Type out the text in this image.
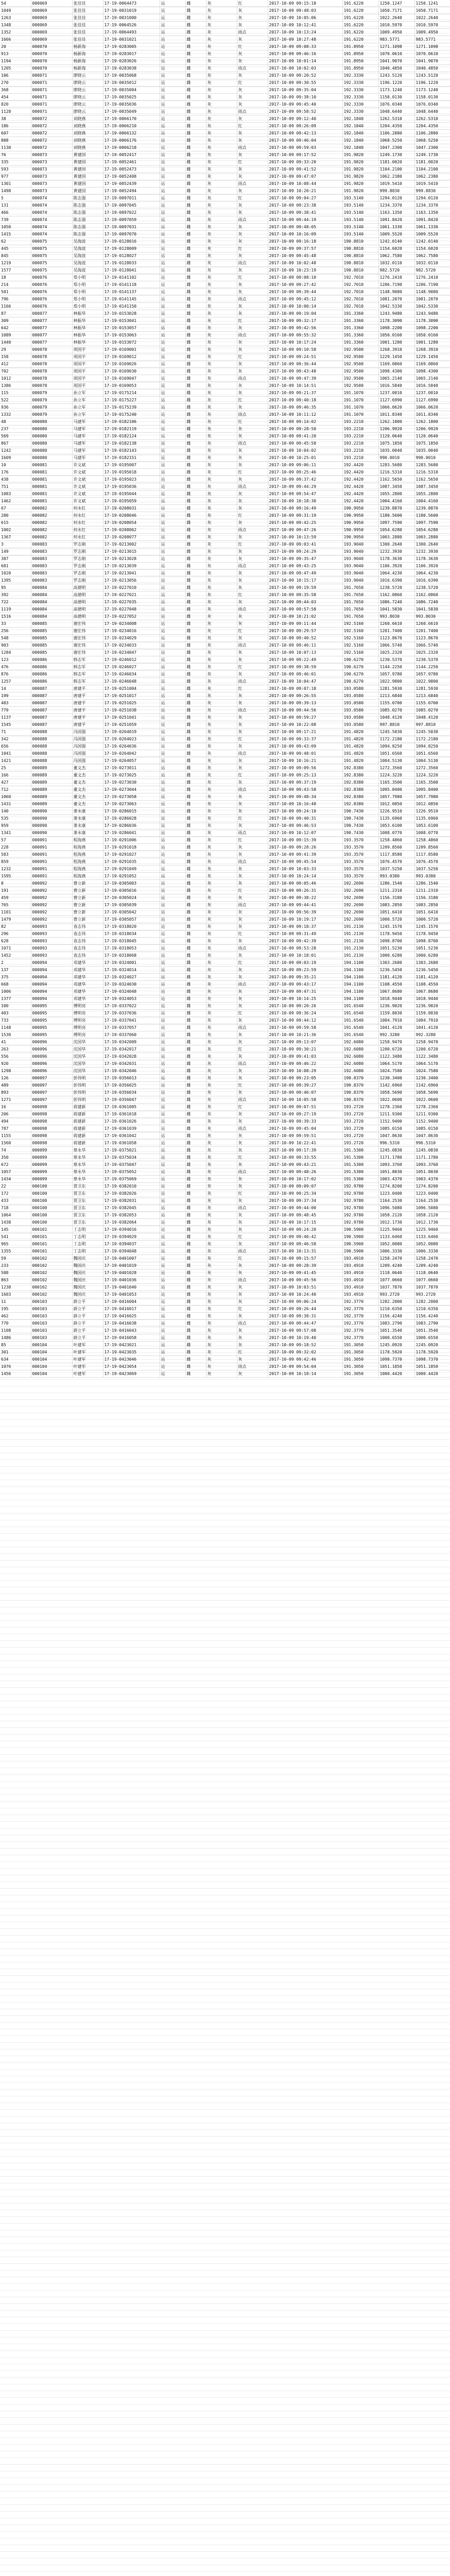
54	000069	张佳佳	17-19-0064473	运	雌	灰	红	2017-10-09 09:15:18	191.6220	1250.1247	1250.1241
1049	000069	张佳佳	17-19-0031019	运	雌	灰	灰	2017-10-09 09:48:03	191.6220	1050.7171	1050.7171
1263	000069	张佳佳	17-19-0031000	运	雌	灰	灰	2017-10-09 10:05:06	191.6220	1022.2640	1022.2640
1348	000069	张佳佳	17-19-0064526	运	雌	灰	灰	2017-10-09 10:12:41	191.6220	1010.5970	1010.5970
1352	000069	张佳佳	17-19-0064493	运	雌	灰	雨点	2017-10-09 10:13:24	191.6220	1009.4950	1009.4950
1666	000069	张佳佳	17-19-0031021	运	雌	灰	灰	2017-10-09 10:27:48	191.6220	983.5771	983.5771
20	000070	杨新海	17-19-0283005	运	雌	灰	红	2017-10-09 09:08:33	191.8950	1271.1098	1271.1098
913	000070	杨新海	17-19-0283017	运	雌	灰	灰	2017-10-09 09:46:16	191.8950	1070.0610	1070.0610
1194	000070	杨新海	17-19-0283026	运	雌	灰	灰	2017-10-09 10:01:14	191.8950	1041.9070	1041.9070
1205	000070	杨新海	17-19-0283038	运	雌	灰	雨点	2017-10-09 10:02:03	191.8950	1040.4850	1040.4850
106	000071	廖晓云	17-19-0035068	运	雌	灰	灰	2017-10-09 09:20:52	192.3330	1243.5120	1243.5120
270	000071	廖晓云	17-19-0035012	运	雌	灰	红	2017-10-09 09:30:55	192.3330	1196.1220	1196.1220
368	000071	廖晓云	17-19-0035004	运	雌	灰	灰	2017-10-09 09:35:04	192.3330	1173.1240	1173.1240
454	000071	廖晓云	17-19-0035025	运	雌	灰	灰	2017-10-09 09:38:10	192.3330	1158.0130	1158.0130
820	000071	廖晓云	17-19-0035036	运	雌	灰	灰	2017-10-09 09:45:40	192.3330	1076.0340	1076.0340
1128	000071	廖晓云	17-19-0035049	运	雌	灰	雨点	2017-10-09 09:58:52	192.3330	1048.6440	1048.6440
38	000072	刘晓燕	17-19-0066170	运	雌	灰	灰	2017-10-09 09:12:40	192.1840	1262.5310	1262.5310
186	000072	刘晓燕	17-19-0066210	运	雌	灰	红	2017-10-09 09:26:09	192.1840	1204.4350	1204.4350
607	000072	刘晓燕	17-19-0066132	运	雌	灰	灰	2017-10-09 09:42:13	192.1840	1106.2880	1106.2880
888	000072	刘晓燕	17-19-0066176	运	雌	灰	灰	2017-10-09 09:46:04	192.1840	1068.5250	1068.5250
1130	000072	刘晓燕	17-19-0066218	运	雌	灰	雨点	2017-10-09 09:59:03	192.1840	1047.2300	1047.2300
76	000073	黄建国	17-19-0052417	运	雌	灰	灰	2017-10-09 09:17:52	191.9820	1249.1730	1249.1730
335	000073	黄建国	17-19-0052461	运	雌	灰	红	2017-10-09 09:33:20	191.9820	1181.0020	1181.0020
593	000073	黄建国	17-19-0052473	运	雌	灰	灰	2017-10-09 09:41:52	191.9820	1104.2100	1104.2100
977	000073	黄建国	17-19-0052408	运	雌	灰	灰	2017-10-09 09:47:07	191.9820	1062.2380	1062.2380
1301	000073	黄建国	17-19-0052439	运	雌	灰	雨点	2017-10-09 10:08:44	191.9820	1019.5410	1019.5410
1498	000073	黄建国	17-19-0052494	运	雌	灰	灰	2017-10-09 10:20:21	191.9820	999.8830	999.8830
5	000074	陈志强	17-19-0097011	运	雌	灰	红	2017-10-09 09:04:27	193.5140	1294.0120	1294.0120
131	000074	陈志强	17-19-0097045	运	雌	灰	灰	2017-10-09 09:23:38	193.5140	1234.3370	1234.3370
466	000074	陈志强	17-19-0097022	运	雌	灰	灰	2017-10-09 09:38:41	193.5140	1163.1350	1163.1350
739	000074	陈志强	17-19-0097059	运	雌	灰	雨点	2017-10-09 09:44:19	193.5140	1091.8420	1091.8420
1050	000074	陈志强	17-19-0097031	运	雌	灰	灰	2017-10-09 09:48:05	193.5140	1061.1330	1061.1330
1415	000074	陈志强	17-19-0097070	运	雌	灰	灰	2017-10-09 10:16:09	193.5140	1009.5520	1009.5520
62	000075	吴海波	17-19-0128016	运	雌	灰	灰	2017-10-09 09:16:18	190.8810	1242.0140	1242.0140
445	000075	吴海波	17-19-0128009	运	雌	灰	红	2017-10-09 09:37:57	190.8810	1154.6020	1154.6020
845	000075	吴海波	17-19-0128027	运	雌	灰	灰	2017-10-09 09:45:48	190.8810	1062.7580	1062.7580
1219	000075	吴海波	17-19-0128033	运	雌	灰	雨点	2017-10-09 10:02:48	190.8810	1032.0110	1032.0110
1577	000075	吴海波	17-19-0128041	运	雌	灰	灰	2017-10-09 10:23:19	190.8810	982.5720	982.5720
18	000076	郑小明	17-19-0141102	运	雌	灰	红	2017-10-09 09:08:10	192.7010	1276.2410	1276.2410
214	000076	郑小明	17-19-0141118	运	雌	灰	灰	2017-10-09 09:27:42	192.7010	1206.7190	1206.7190
501	000076	郑小明	17-19-0141137	运	雌	灰	灰	2017-10-09 09:39:44	192.7010	1148.9080	1148.9080
796	000076	郑小明	17-19-0141145	运	雌	灰	雨点	2017-10-09 09:45:12	192.7010	1081.2070	1081.2070
1166	000076	郑小明	17-19-0141150	运	雌	灰	灰	2017-10-09 10:00:14	192.7010	1042.5330	1042.5330
87	000077	林振华	17-19-0153028	运	雌	灰	灰	2017-10-09 09:19:04	191.3360	1243.9480	1243.9480
309	000077	林振华	17-19-0153041	运	雌	灰	红	2017-10-09 09:32:17	191.3360	1178.3090	1178.3090
642	000077	林振华	17-19-0153057	运	雌	灰	灰	2017-10-09 09:42:56	191.3360	1098.2200	1098.2200
1089	000077	林振华	17-19-0153063	运	雌	灰	雨点	2017-10-09 09:55:32	191.3360	1050.0160	1050.0160
1440	000077	林振华	17-19-0153072	运	雌	灰	灰	2017-10-09 10:17:24	191.3360	1001.1280	1001.1280
29	000078	周国平	17-19-0169001	运	雌	灰	灰	2017-10-09 09:10:58	192.9500	1268.3910	1268.3910
158	000078	周国平	17-19-0169012	运	雌	灰	红	2017-10-09 09:24:51	192.9500	1229.1450	1229.1450
412	000078	周国平	17-19-0169026	运	雌	灰	灰	2017-10-09 09:36:44	192.9500	1169.0860	1169.0860
702	000078	周国平	17-19-0169030	运	雌	灰	灰	2017-10-09 09:43:48	192.9500	1098.4300	1098.4300
1012	000078	周国平	17-19-0169047	运	雌	灰	雨点	2017-10-09 09:47:39	192.9500	1065.2140	1065.2140
1386	000078	周国平	17-19-0169053	运	雌	灰	灰	2017-10-09 10:14:51	192.9500	1016.5840	1016.5840
115	000079	孙立军	17-19-0175214	运	雌	灰	灰	2017-10-09 09:21:37	191.1070	1237.0010	1237.0010
522	000079	孙立军	17-19-0175227	运	雌	灰	红	2017-10-09 09:40:18	191.1070	1127.6990	1127.6990
936	000079	孙立军	17-19-0175239	运	雌	灰	灰	2017-10-09 09:46:35	191.1070	1066.0620	1066.0620
1332	000079	孙立军	17-19-0175240	运	雌	灰	雨点	2017-10-09 10:11:12	191.1070	1011.8340	1011.8340
48	000080	马建军	17-19-0182106	运	雌	灰	红	2017-10-09 09:14:02	193.2210	1262.1800	1262.1800
237	000080	马建军	17-19-0182119	运	雌	灰	灰	2017-10-09 09:28:50	193.2210	1206.9920	1206.9920
569	000080	马建军	17-19-0182124	运	雌	灰	灰	2017-10-09 09:41:20	193.2210	1120.0640	1120.0640
867	000080	马建军	17-19-0182138	运	雌	灰	雨点	2017-10-09 09:45:58	193.2210	1075.1850	1075.1850
1242	000080	马建军	17-19-0182143	运	雌	灰	灰	2017-10-09 10:04:02	193.2210	1035.0040	1035.0040
1609	000080	马建军	17-19-0182151	运	雌	灰	灰	2017-10-09 10:25:01	193.2210	990.0010	990.0010
10	000081	许文斌	17-19-0195007	运	雌	灰	灰	2017-10-09 09:06:11	192.4420	1283.5680	1283.5680
176	000081	许文斌	17-19-0195018	运	雌	灰	红	2017-10-09 09:25:46	192.4420	1216.5310	1216.5310
438	000081	许文斌	17-19-0195023	运	雌	灰	灰	2017-10-09 09:37:42	192.4420	1162.5650	1162.5650
751	000081	许文斌	17-19-0195036	运	雌	灰	雨点	2017-10-09 09:44:29	192.4420	1087.3450	1087.3450
1083	000081	许文斌	17-19-0195044	运	雌	灰	灰	2017-10-09 09:54:47	192.4420	1055.2800	1055.2800
1462	000081	许文斌	17-19-0195059	运	雌	灰	灰	2017-10-09 10:18:30	192.4420	1004.4160	1004.4160
67	000082	何永红	17-19-0208031	运	雌	灰	灰	2017-10-09 09:16:49	190.9950	1239.8870	1239.8870
280	000082	何永红	17-19-0208046	运	雌	灰	红	2017-10-09 09:31:19	190.9950	1180.5600	1180.5600
615	000082	何永红	17-19-0208054	运	雌	灰	灰	2017-10-09 09:42:25	190.9950	1097.7590	1097.7590
1002	000082	何永红	17-19-0208062	运	雌	灰	雨点	2017-10-09 09:47:26	190.9950	1054.6280	1054.6280
1367	000082	何永红	17-19-0208077	运	雌	灰	灰	2017-10-09 10:13:59	190.9950	1003.2880	1003.2880
3	000083	罗志刚	17-19-0213002	运	雌	灰	红	2017-10-09 09:03:41	193.9040	1300.2640	1300.2640
149	000083	罗志刚	17-19-0213015	运	雌	灰	灰	2017-10-09 09:24:29	193.9040	1232.3930	1232.3930
387	000083	罗志刚	17-19-0213028	运	雌	灰	灰	2017-10-09 09:35:47	193.9040	1178.3630	1178.3630
681	000083	罗志刚	17-19-0213039	运	雌	灰	雨点	2017-10-09 09:43:25	193.9040	1106.3920	1106.3920
1020	000083	罗志刚	17-19-0213041	运	雌	灰	灰	2017-10-09 09:47:49	193.9040	1064.4230	1064.4230
1395	000083	罗志刚	17-19-0213056	运	雌	灰	灰	2017-10-09 10:15:17	193.9040	1016.6390	1016.6390
95	000084	高德明	17-19-0227010	运	雌	灰	灰	2017-10-09 09:19:59	191.7650	1238.5720	1238.5720
392	000084	高德明	17-19-0227021	运	雌	灰	红	2017-10-09 09:35:58	191.7650	1162.0860	1162.0860
722	000084	高德明	17-19-0227035	运	雌	灰	灰	2017-10-09 09:44:03	191.7650	1086.7240	1086.7240
1119	000084	高德明	17-19-0227048	运	雌	灰	雨点	2017-10-09 09:57:58	191.7650	1041.5830	1041.5830
1516	000084	高德明	17-19-0227052	运	雌	灰	灰	2017-10-09 10:21:02	191.7650	993.8030	993.8030
33	000085	谢宏伟	17-19-0234008	运	雌	灰	灰	2017-10-09 09:11:44	192.5160	1260.6610	1260.6610
256	000085	谢宏伟	17-19-0234016	运	雌	灰	红	2017-10-09 09:29:57	192.5160	1201.7400	1201.7400
548	000085	谢宏伟	17-19-0234029	运	雌	灰	灰	2017-10-09 09:40:52	192.5160	1123.8670	1123.8670
903	000085	谢宏伟	17-19-0234033	运	雌	灰	雨点	2017-10-09 09:46:11	192.5160	1066.5740	1066.5740
1284	000085	谢宏伟	17-19-0234047	运	雌	灰	灰	2017-10-09 10:07:13	192.5160	1025.2320	1025.2320
123	000086	韩志军	17-19-0246012	运	雌	灰	灰	2017-10-09 09:22:49	190.6270	1230.5370	1230.5370
476	000086	韩志军	17-19-0246027	运	雌	灰	红	2017-10-09 09:38:59	190.6270	1144.2250	1144.2250
876	000086	韩志军	17-19-0246034	运	雌	灰	灰	2017-10-09 09:46:01	190.6270	1057.9780	1057.9780
1257	000086	韩志军	17-19-0246048	运	雌	灰	雨点	2017-10-09 10:04:47	190.6270	1022.9800	1022.9800
14	000087	唐建平	17-19-0251004	运	雌	灰	红	2017-10-09 09:07:18	193.0580	1281.5930	1281.5930
199	000087	唐建平	17-19-0251017	运	雌	灰	灰	2017-10-09 09:26:55	193.0580	1213.6840	1213.6840
483	000087	唐建平	17-19-0251025	运	雌	灰	灰	2017-10-09 09:39:13	193.0580	1155.0700	1155.0700
779	000087	唐建平	17-19-0251038	运	雌	灰	雨点	2017-10-09 09:44:56	193.0580	1085.0270	1085.0270
1137	000087	唐建平	17-19-0251041	运	雌	灰	灰	2017-10-09 09:59:27	193.0580	1048.4120	1048.4120
1545	000087	唐建平	17-19-0251059	运	雌	灰	灰	2017-10-09 10:22:08	193.0580	997.8810	997.8810
71	000088	冯国强	17-19-0264019	运	雌	灰	灰	2017-10-09 09:17:21	191.4820	1245.5030	1245.5030
342	000088	冯国强	17-19-0264023	运	雌	灰	红	2017-10-09 09:33:37	191.4820	1172.2180	1172.2180
656	000088	冯国强	17-19-0264036	运	雌	灰	灰	2017-10-09 09:43:09	191.4820	1094.8250	1094.8250
1041	000088	冯国强	17-19-0264042	运	雌	灰	雨点	2017-10-09 09:48:01	191.4820	1051.6560	1051.6560
1421	000088	冯国强	17-19-0264057	运	雌	灰	灰	2017-10-09 10:16:21	191.4820	1004.5130	1004.5130
25	000089	董文杰	17-19-0273011	运	雌	灰	灰	2017-10-09 09:09:56	192.8380	1272.3560	1272.3560
166	000089	董文杰	17-19-0273025	运	雌	灰	红	2017-10-09 09:25:13	192.8380	1224.3220	1224.3220
427	000089	董文杰	17-19-0273030	运	雌	灰	灰	2017-10-09 09:37:19	192.8380	1165.3500	1165.3500
712	000089	董文杰	17-19-0273044	运	雌	灰	雨点	2017-10-09 09:43:58	192.8380	1095.8400	1095.8400
1060	000089	董文杰	17-19-0273058	运	雌	灰	灰	2017-10-09 09:48:34	192.8380	1057.7980	1057.7980
1431	000089	董文杰	17-19-0273063	运	雌	灰	灰	2017-10-09 10:16:48	192.8380	1012.0850	1012.0850
140	000090	萧永康	17-19-0286015	运	雌	灰	灰	2017-10-09 09:24:10	190.7430	1226.9510	1226.9510
535	000090	萧永康	17-19-0286028	运	雌	灰	红	2017-10-09 09:40:31	190.7430	1135.6960	1135.6960
959	000090	萧永康	17-19-0286036	运	雌	灰	灰	2017-10-09 09:46:53	190.7430	1053.6100	1053.6100
1341	000090	萧永康	17-19-0286041	运	雌	灰	雨点	2017-10-09 10:12:07	190.7430	1008.0770	1008.0770
57	000091	程海燕	17-19-0291006	运	雌	灰	红	2017-10-09 09:15:39	193.3570	1258.4860	1258.4860
228	000091	程海燕	17-19-0291018	运	雌	灰	灰	2017-10-09 09:28:26	193.3570	1209.8560	1209.8560
583	000091	程海燕	17-19-0291027	运	雌	灰	灰	2017-10-09 09:41:39	193.3570	1117.8580	1117.8580
859	000091	程海燕	17-19-0291035	运	雌	灰	雨点	2017-10-09 09:45:54	193.3570	1076.4570	1076.4570
1232	000091	程海燕	17-19-0291049	运	雌	灰	灰	2017-10-09 10:03:33	193.3570	1037.5250	1037.5250
1595	000091	程海燕	17-19-0291052	运	雌	灰	灰	2017-10-09 10:24:14	193.3570	993.0380	993.0380
8	000092	曹立新	17-19-0305003	运	雌	灰	灰	2017-10-09 09:05:46	192.2690	1286.1540	1286.1540
191	000092	曹立新	17-19-0305016	运	雌	灰	红	2017-10-09 09:26:31	192.2690	1211.2310	1211.2310
459	000092	曹立新	17-19-0305024	运	雌	灰	灰	2017-10-09 09:38:22	192.2690	1156.3180	1156.3180
765	000092	曹立新	17-19-0305039	运	雌	灰	雨点	2017-10-09 09:44:41	192.2690	1083.2850	1083.2850
1101	000092	曹立新	17-19-0305042	运	雌	灰	灰	2017-10-09 09:56:39	192.2690	1051.6410	1051.6410
1479	000092	曹立新	17-19-0305057	运	雌	灰	灰	2017-10-09 10:19:17	192.2690	1000.5720	1000.5720
82	000093	袁志伟	17-19-0318020	运	雌	灰	灰	2017-10-09 09:18:37	191.2130	1245.1570	1245.1570
296	000093	袁志伟	17-19-0318034	运	雌	灰	红	2017-10-09 09:31:49	191.2130	1178.9450	1178.9450
628	000093	袁志伟	17-19-0318045	运	雌	灰	灰	2017-10-09 09:42:39	191.2130	1098.8700	1098.8700
1071	000093	袁志伟	17-19-0318053	运	雌	灰	雨点	2017-10-09 09:53:28	191.2130	1051.5230	1051.5230
1452	000093	袁志伟	17-19-0318068	运	雌	灰	灰	2017-10-09 10:18:01	191.2130	1000.6280	1000.6280
2	000094	邓建华	17-19-0324001	运	雌	灰	红	2017-10-09 09:03:19	194.1100	1303.2680	1303.2680
137	000094	邓建华	17-19-0324014	运	雌	灰	灰	2017-10-09 09:23:59	194.1100	1236.5450	1236.5450
375	000094	邓建华	17-19-0324027	运	雌	灰	灰	2017-10-09 09:35:21	194.1100	1181.4120	1181.4120
668	000094	邓建华	17-19-0324030	运	雌	灰	雨点	2017-10-09 09:43:17	194.1100	1108.4550	1108.4550
1006	000094	邓建华	17-19-0324048	运	雌	灰	灰	2017-10-09 09:47:31	194.1100	1067.8680	1067.8680
1377	000094	邓建华	17-19-0324053	运	雌	灰	灰	2017-10-09 10:14:25	194.1100	1018.9440	1018.9440
100	000095	傅明亮	17-19-0337022	运	雌	灰	灰	2017-10-09 09:20:26	191.6540	1236.9020	1236.9020
403	000095	傅明亮	17-19-0337036	运	雌	灰	红	2017-10-09 09:36:24	191.6540	1159.8030	1159.8030
733	000095	傅明亮	17-19-0337041	运	雌	灰	灰	2017-10-09 09:44:12	191.6540	1084.7910	1084.7910
1148	000095	傅明亮	17-19-0337057	运	雌	灰	雨点	2017-10-09 09:59:58	191.6540	1041.4120	1041.4120
1530	000095	傅明亮	17-19-0337060	运	雌	灰	灰	2017-10-09 10:21:36	191.6540	992.3280	992.3280
41	000096	沈国华	17-19-0342009	运	雌	灰	灰	2017-10-09 09:13:07	192.6080	1258.9470	1258.9470
263	000096	沈国华	17-19-0342017	运	雌	灰	红	2017-10-09 09:30:21	192.6080	1200.6720	1200.6720
556	000096	沈国华	17-19-0342028	运	雌	灰	灰	2017-10-09 09:41:03	192.6080	1122.3480	1122.3480
920	000096	沈国华	17-19-0342031	运	雌	灰	雨点	2017-10-09 09:46:22	192.6080	1064.5170	1064.5170
1298	000096	沈国华	17-19-0342046	运	雌	灰	灰	2017-10-09 10:08:29	192.6080	1024.7580	1024.7580
126	000097	彭伟明	17-19-0356013	运	雌	灰	灰	2017-10-09 09:23:05	190.8370	1230.3400	1230.3400
489	000097	彭伟明	17-19-0356025	运	雌	灰	红	2017-10-09 09:39:27	190.8370	1142.6960	1142.6960
893	000097	彭伟明	17-19-0356034	运	雌	灰	灰	2017-10-09 09:46:07	190.8370	1058.5690	1058.5690
1271	000097	彭伟明	17-19-0356047	运	雌	灰	雨点	2017-10-09 10:05:58	190.8370	1022.0600	1022.0600
16	000098	蒋建新	17-19-0361005	运	雌	灰	红	2017-10-09 09:07:51	193.2720	1278.2360	1278.2360
206	000098	蒋建新	17-19-0361018	运	雌	灰	灰	2017-10-09 09:27:19	193.2720	1211.9300	1211.9300
494	000098	蒋建新	17-19-0361026	运	雌	灰	灰	2017-10-09 09:39:33	193.2720	1152.9400	1152.9400
787	000098	蒋建新	17-19-0361039	运	雌	灰	雨点	2017-10-09 09:45:04	193.2720	1085.0150	1085.0150
1155	000098	蒋建新	17-19-0361042	运	雌	灰	灰	2017-10-09 09:59:51	193.2720	1047.8630	1047.8630
1560	000098	蒋建新	17-19-0361058	运	雌	灰	灰	2017-10-09 10:22:41	193.2720	996.5310	996.5310
74	000099	蔡永华	17-19-0375021	运	雌	灰	灰	2017-10-09 09:17:39	191.5300	1245.0830	1245.0830
350	000099	蔡永华	17-19-0375034	运	雌	灰	红	2017-10-09 09:33:55	191.5300	1171.1780	1171.1780
672	000099	蔡永华	17-19-0375047	运	雌	灰	灰	2017-10-09 09:43:21	191.5300	1093.3760	1093.3760
1057	000099	蔡永华	17-19-0375052	运	雌	灰	雨点	2017-10-09 09:48:26	191.5300	1051.8030	1051.8030
1434	000099	蔡永华	17-19-0375069	运	雌	灰	灰	2017-10-09 10:17:02	191.5300	1003.4370	1003.4370
22	000100	贾卫东	17-19-0382010	运	雌	灰	灰	2017-10-09 09:09:07	192.9780	1274.8200	1274.8200
172	000100	贾卫东	17-19-0382026	运	雌	灰	红	2017-10-09 09:25:34	192.9780	1223.0400	1223.0400
433	000100	贾卫东	17-19-0382031	运	雌	灰	灰	2017-10-09 09:37:34	192.9780	1164.2530	1164.2530
718	000100	贾卫东	17-19-0382045	运	雌	灰	雨点	2017-10-09 09:44:00	192.9780	1096.5080	1096.5080
1064	000100	贾卫东	17-19-0382053	运	雌	灰	灰	2017-10-09 09:48:45	192.9780	1058.2120	1058.2120
1438	000100	贾卫东	17-19-0382064	运	雌	灰	灰	2017-10-09 10:17:15	192.9780	1012.1730	1012.1730
145	000101	丁志明	17-19-0394016	运	雌	灰	灰	2017-10-09 09:24:20	190.5900	1225.9460	1225.9460
541	000101	丁志明	17-19-0394029	运	雌	灰	红	2017-10-09 09:40:42	190.5900	1133.6460	1133.6460
965	000101	丁志明	17-19-0394037	运	雌	灰	灰	2017-10-09 09:46:58	190.5900	1052.0080	1052.0080
1355	000101	丁志明	17-19-0394048	运	雌	灰	雨点	2017-10-09 10:13:31	190.5900	1006.3330	1006.3330
59	000102	魏国庆	17-19-0401007	运	雌	灰	红	2017-10-09 09:15:57	193.4910	1258.2470	1258.2470
233	000102	魏国庆	17-19-0401019	运	雌	灰	灰	2017-10-09 09:28:39	193.4910	1209.4240	1209.4240
588	000102	魏国庆	17-19-0401028	运	雌	灰	灰	2017-10-09 09:41:45	193.4910	1118.0640	1118.0640
863	000102	魏国庆	17-19-0401036	运	雌	灰	雨点	2017-10-09 09:45:56	193.4910	1077.0660	1077.0660
1238	000102	魏国庆	17-19-0401040	运	雌	灰	灰	2017-10-09 10:03:51	193.4910	1037.7870	1037.7870
1603	000102	魏国庆	17-19-0401053	运	雌	灰	灰	2017-10-09 10:24:40	193.4910	993.2720	993.2720
11	000103	薛立平	17-19-0416004	运	雌	灰	灰	2017-10-09 09:06:24	192.3770	1282.2000	1282.2000
195	000103	薛立平	17-19-0416017	运	雌	灰	红	2017-10-09 09:26:44	192.3770	1210.6350	1210.6350
462	000103	薛立平	17-19-0416025	运	雌	灰	灰	2017-10-09 09:38:31	192.3770	1156.4240	1156.4240
770	000103	薛立平	17-19-0416038	运	雌	灰	雨点	2017-10-09 09:44:47	192.3770	1083.2790	1083.2790
1108	000103	薛立平	17-19-0416043	运	雌	灰	灰	2017-10-09 09:57:08	192.3770	1051.3540	1051.3540
1486	000103	薛立平	17-19-0416058	运	雌	灰	灰	2017-10-09 10:19:40	192.3770	1000.6550	1000.6550
85	000104	叶建军	17-19-0423021	运	雌	灰	灰	2017-10-09 09:18:52	191.3050	1245.0920	1245.0920
301	000104	叶建军	17-19-0423035	运	雌	灰	红	2017-10-09 09:32:02	191.3050	1178.5920	1178.5920
634	000104	叶建军	17-19-0423046	运	雌	灰	灰	2017-10-09 09:42:46	191.3050	1098.7370	1098.7370
1076	000104	叶建军	17-19-0423054	运	雌	灰	雨点	2017-10-09 09:54:04	191.3050	1051.1850	1051.1850
1456	000104	叶建军	17-19-0423069	运	雌	灰	灰	2017-10-09 10:18:14	191.3050	1000.4420	1000.4420
